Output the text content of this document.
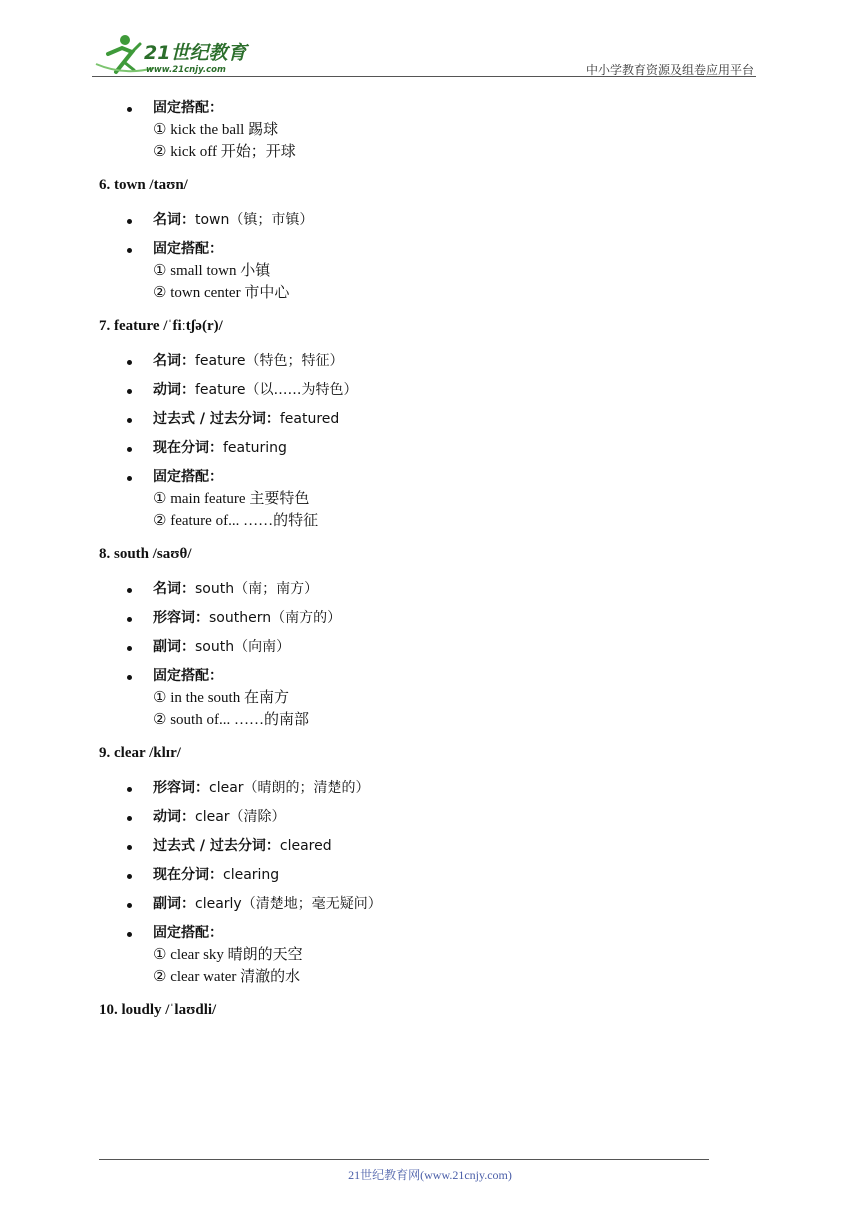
21世纪教育
www.21cnjy.com	中小学教育资源及组卷应用平台
固定搭配：
① kick the ball 踢球
② kick off 开始；开球
6. town /taʊn/
名词：town（镇；市镇）
固定搭配：
① small town 小镇
② town center 市中心
7. feature /ˈfiːtʃə(r)/
名词：feature（特色；特征）
动词：feature（以……为特色）
过去式 / 过去分词：featured
现在分词：featuring
固定搭配：
① main feature 主要特色
② feature of... ……的特征
8. south /saʊθ/
名词：south（南；南方）
形容词：southern（南方的）
副词：south（向南）
固定搭配：
① in the south 在南方
② south of... ……的南部
9. clear /klɪr/
形容词：clear（晴朗的；清楚的）
动词：clear（清除）
过去式 / 过去分词：cleared
现在分词：clearing
副词：clearly（清楚地；毫无疑问）
固定搭配：
① clear sky 晴朗的天空
② clear water 清澈的水
10. loudly /ˈlaʊdli/
21世纪教育网(www.21cnjy.com)
